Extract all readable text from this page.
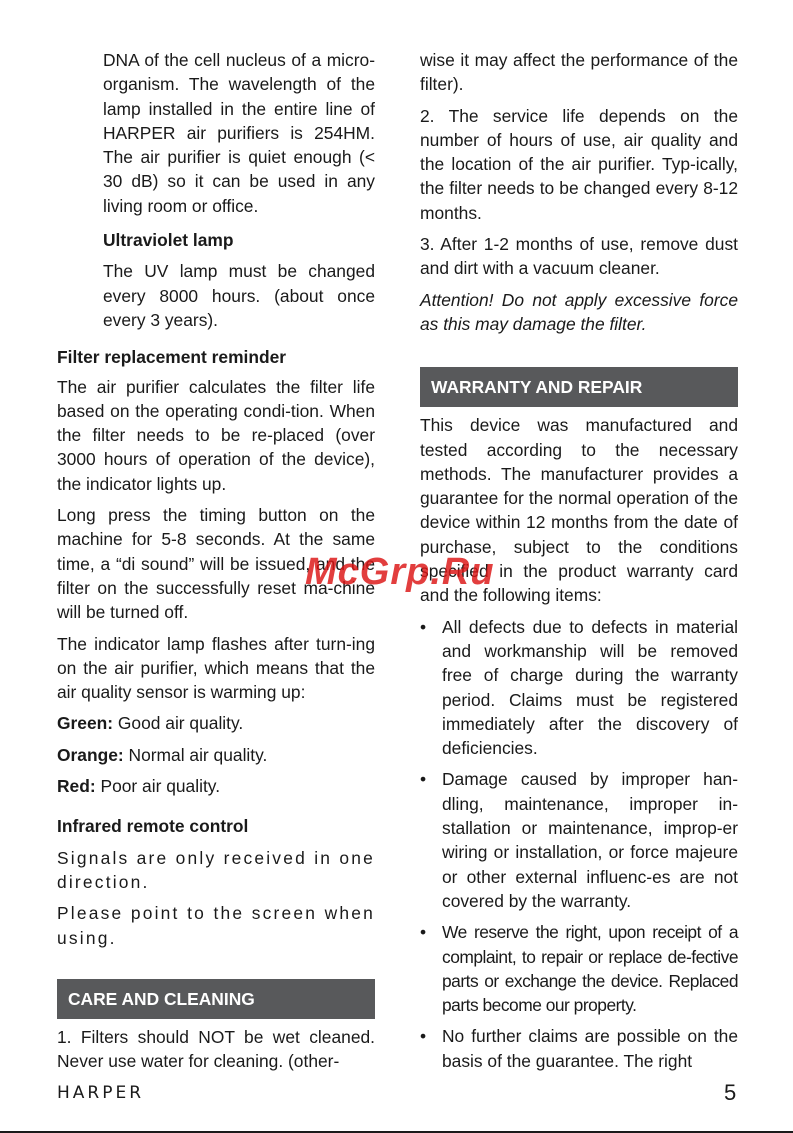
DNA of the cell nucleus of a micro-organism. The wavelength of the lamp installed in the entire line of HARPER air purifiers is 254HM. The air purifier is quiet enough (< 30 dB) so it can be used in any living room or office.

Ultraviolet lamp

The UV lamp must be changed every 8000 hours. (about once every 3 years).

Filter replacement reminder

The air purifier calculates the filter life based on the operating condi-tion. When the filter needs to be re-placed (over 3000 hours of operation of the device), the indicator lights up.

Long press the timing button on the machine for 5-8 seconds. At the same time, a “di sound” will be issued, and the filter on the successfully reset ma-chine will be turned off.

The indicator lamp flashes after turn-ing on the air purifier, which means that the air quality sensor is warming up:

Green: Good air quality.

Orange: Normal air quality.

Red: Poor air quality.

Infrared remote control

Signals are only received in one direction.

Please point to the screen when using.

CARE AND CLEANING

1. Filters should NOT be wet cleaned. Never use water for cleaning. (other-

wise it may affect the performance of the filter).

2. The service life depends on the number of hours of use, air quality and the location of the air purifier. Typ-ically, the filter needs to be changed every 8-12 months.

3. After 1-2 months of use, remove dust and dirt with a vacuum cleaner.

Attention! Do not apply excessive force as this may damage the filter.

WARRANTY AND REPAIR

This device was manufactured and tested according to the necessary methods. The manufacturer provides a guarantee for the normal operation of the device within 12 months from the date of purchase, subject to the conditions specified in the product warranty card and the following items:

• All defects due to defects in material and workmanship will be removed free of charge during the warranty period. Claims must be registered immediately after the discovery of deficiencies.
• Damage caused by improper han-dling, maintenance, improper in-stallation or maintenance, improp-er wiring or installation, or force majeure or other external influenc-es are not covered by the warranty.
• We reserve the right, upon receipt of a complaint, to repair or replace de-fective parts or exchange the device. Replaced parts become our property.
• No further claims are possible on the basis of the guarantee. The right
McGrp.Ru
HARPER	5
